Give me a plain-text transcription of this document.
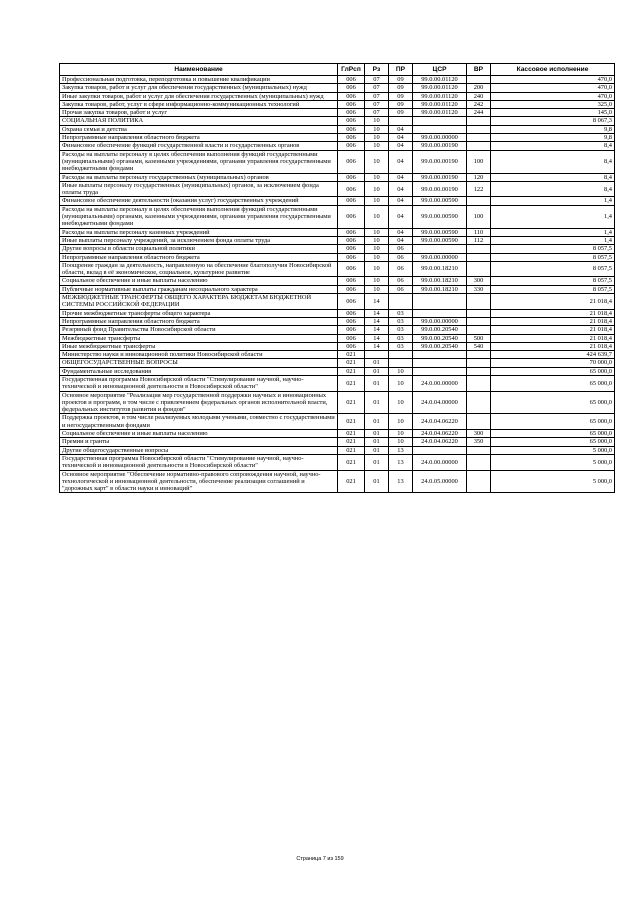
Наименование	ГлРсп	Рз	ПР	ЦСР	ВР	Кассовое исполнение
Профессиональная подготовка, переподготовка и повышение квалификации	006	07	09	99.0.00.01120		470,0
Закупка товаров, работ и услуг для обеспечения государственных (муниципальных) нужд	006	07	09	99.0.00.01120	200	470,0
Иные закупки товаров, работ и услуг для обеспечения государственных (муниципальных) нужд	006	07	09	99.0.00.01120	240	470,0
Закупка товаров, работ, услуг в сфере информационно-коммуникационных технологий	006	07	09	99.0.00.01120	242	325,0
Прочая закупка товаров, работ и услуг	006	07	09	99.0.00.01120	244	145,0
СОЦИАЛЬНАЯ ПОЛИТИКА	006	10				8 067,3
Охрана семьи и детства	006	10	04			9,8
Непрограммные направления областного бюджета	006	10	04	99.0.00.00000		9,8
Финансовое обеспечение функций государственной власти и государственных органов	006	10	04	99.0.00.00190		8,4
Расходы на выплаты персоналу в целях обеспечения выполнения функций государственными (муниципальными) органами, казенными учреждениями, органами управления государственными внебюджетными фондами	006	10	04	99.0.00.00190	100	8,4
Расходы на выплаты персоналу государственных (муниципальных) органов	006	10	04	99.0.00.00190	120	8,4
Иные выплаты персоналу государственных (муниципальных) органов, за исключением фонда оплаты труда	006	10	04	99.0.00.00190	122	8,4
Финансовое обеспечение деятельности (оказания услуг) государственных учреждений	006	10	04	99.0.00.00590		1,4
Расходы на выплаты персоналу в целях обеспечения выполнения функций государственными (муниципальными) органами, казенными учреждениями, органами управления государственными внебюджетными фондами	006	10	04	99.0.00.00590	100	1,4
Расходы на выплаты персоналу казенных учреждений	006	10	04	99.0.00.00590	110	1,4
Иные выплаты персоналу учреждений, за исключением фонда оплаты труда	006	10	04	99.0.00.00590	112	1,4
Другие вопросы в области социальной политики	006	10	06			8 057,5
Непрограммные направления областного бюджета	006	10	06	99.0.00.00000		8 057,5
Поощрение граждан за деятельность, направленную на обеспечение благополучия Новосибирской области, вклад в её экономическое, социальное, культурное развитие	006	10	06	99.0.00.18210		8 057,5
Социальное обеспечение и иные выплаты населению	006	10	06	99.0.00.18210	300	8 057,5
Публичные нормативные выплаты гражданам несоциального характера	006	10	06	99.0.00.18210	330	8 057,5
МЕЖБЮДЖЕТНЫЕ ТРАНСФЕРТЫ ОБЩЕГО ХАРАКТЕРА БЮДЖЕТАМ БЮДЖЕТНОЙ СИСТЕМЫ РОССИЙСКОЙ ФЕДЕРАЦИИ	006	14				21 018,4
Прочие межбюджетные трансферты общего характера	006	14	03			21 018,4
Непрограммные направления областного бюджета	006	14	03	99.0.00.00000		21 018,4
Резервный фонд Правительства Новосибирской области	006	14	03	99.0.00.20540		21 018,4
Межбюджетные трансферты	006	14	03	99.0.00.20540	500	21 018,4
Иные межбюджетные трансферты	006	14	03	99.0.00.20540	540	21 018,4
Министерство науки и инновационной политики Новосибирской области	021					424 639,7
ОБЩЕГОСУДАРСТВЕННЫЕ ВОПРОСЫ	021	01				70 000,0
Фундаментальные исследования	021	01	10			65 000,0
Государственная программа Новосибирской области "Стимулирование научной, научно-технической и инновационной деятельности в Новосибирской области"	021	01	10	24.0.00.00000		65 000,0
Основное мероприятие "Реализация мер государственной поддержки научных и инновационных проектов и программ, в том числе с привлечением федеральных органов исполнительной власти, федеральных институтов развития и фондов"	021	01	10	24.0.04.00000		65 000,0
Поддержка проектов, в том числе реализуемых молодыми учеными, совместно с государственными и негосударственными фондами	021	01	10	24.0.04.06220		65 000,0
Социальное обеспечение и иные выплаты населению	021	01	10	24.0.04.06220	300	65 000,0
Премии и гранты	021	01	10	24.0.04.06220	350	65 000,0
Другие общегосударственные вопросы	021	01	13			5 000,0
Государственная программа Новосибирской области "Стимулирование научной, научно-технической и инновационной деятельности в Новосибирской области"	021	01	13	24.0.00.00000		5 000,0
Основное мероприятие "Обеспечение нормативно-правового сопровождения научной, научно-технологической и инновационной деятельности, обеспечение реализации соглашений и "дорожных карт" в области науки и инноваций"	021	01	13	24.0.05.00000		5 000,0
Страница 7 из 159
